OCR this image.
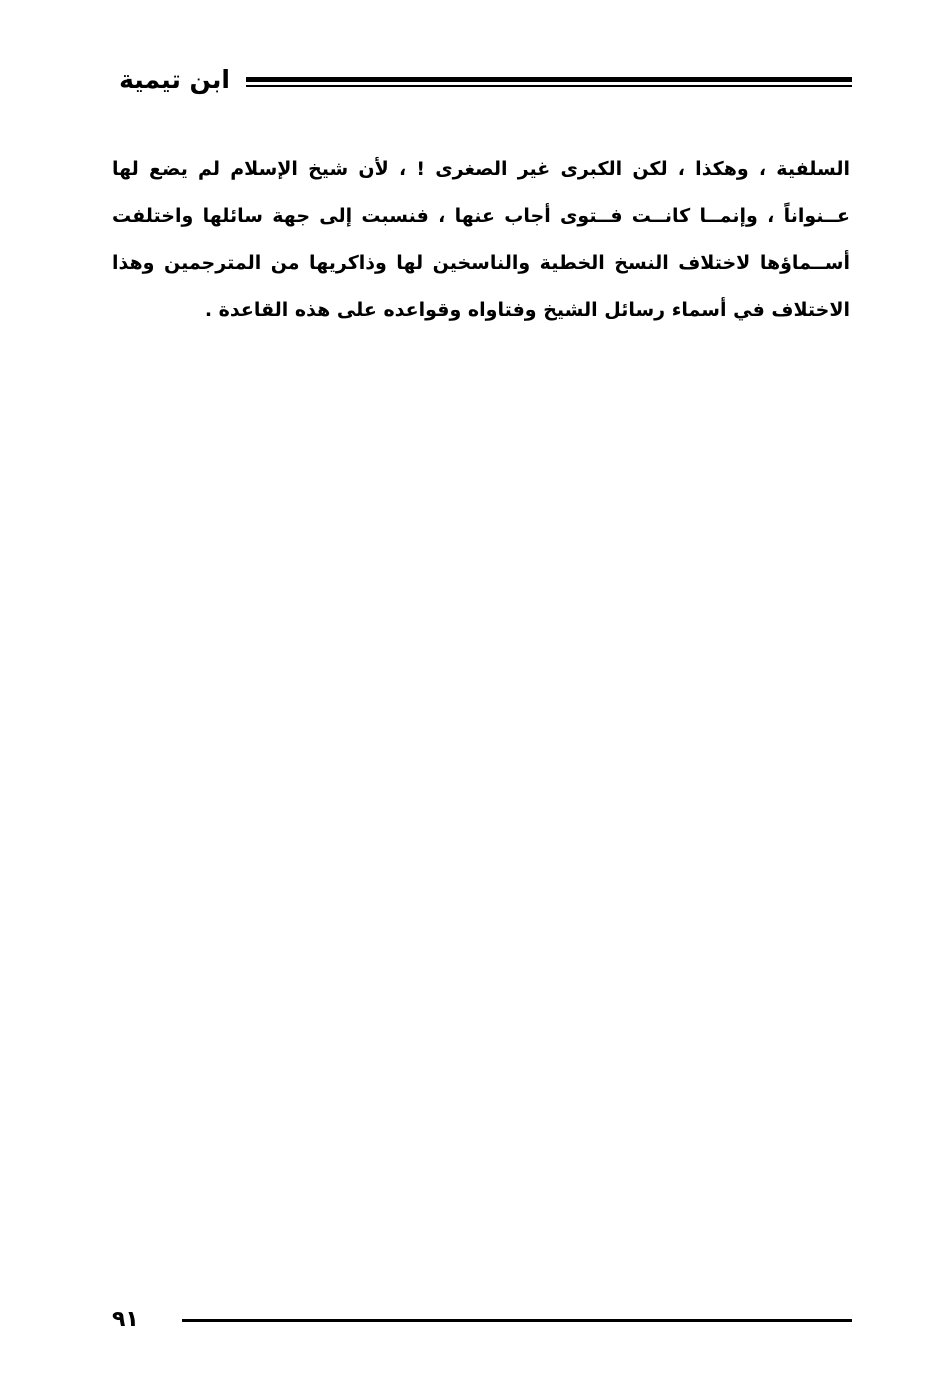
ابن تيمية
السلفية ، وهكذا ، لكن الكبرى غير الصغرى ! ، لأن شيخ الإسلام لم يضع لها عــنواناً ، وإنمــا كانــت فــتوى أجاب عنها ، فنسبت إلى جهة سائلها واختلفت أســماؤها لاختلاف النسخ الخطية والناسخين لها وذاكريها من المترجمين وهذا الاختلاف في أسماء رسائل الشيخ وفتاواه وقواعده على هذه القاعدة .
٩١
